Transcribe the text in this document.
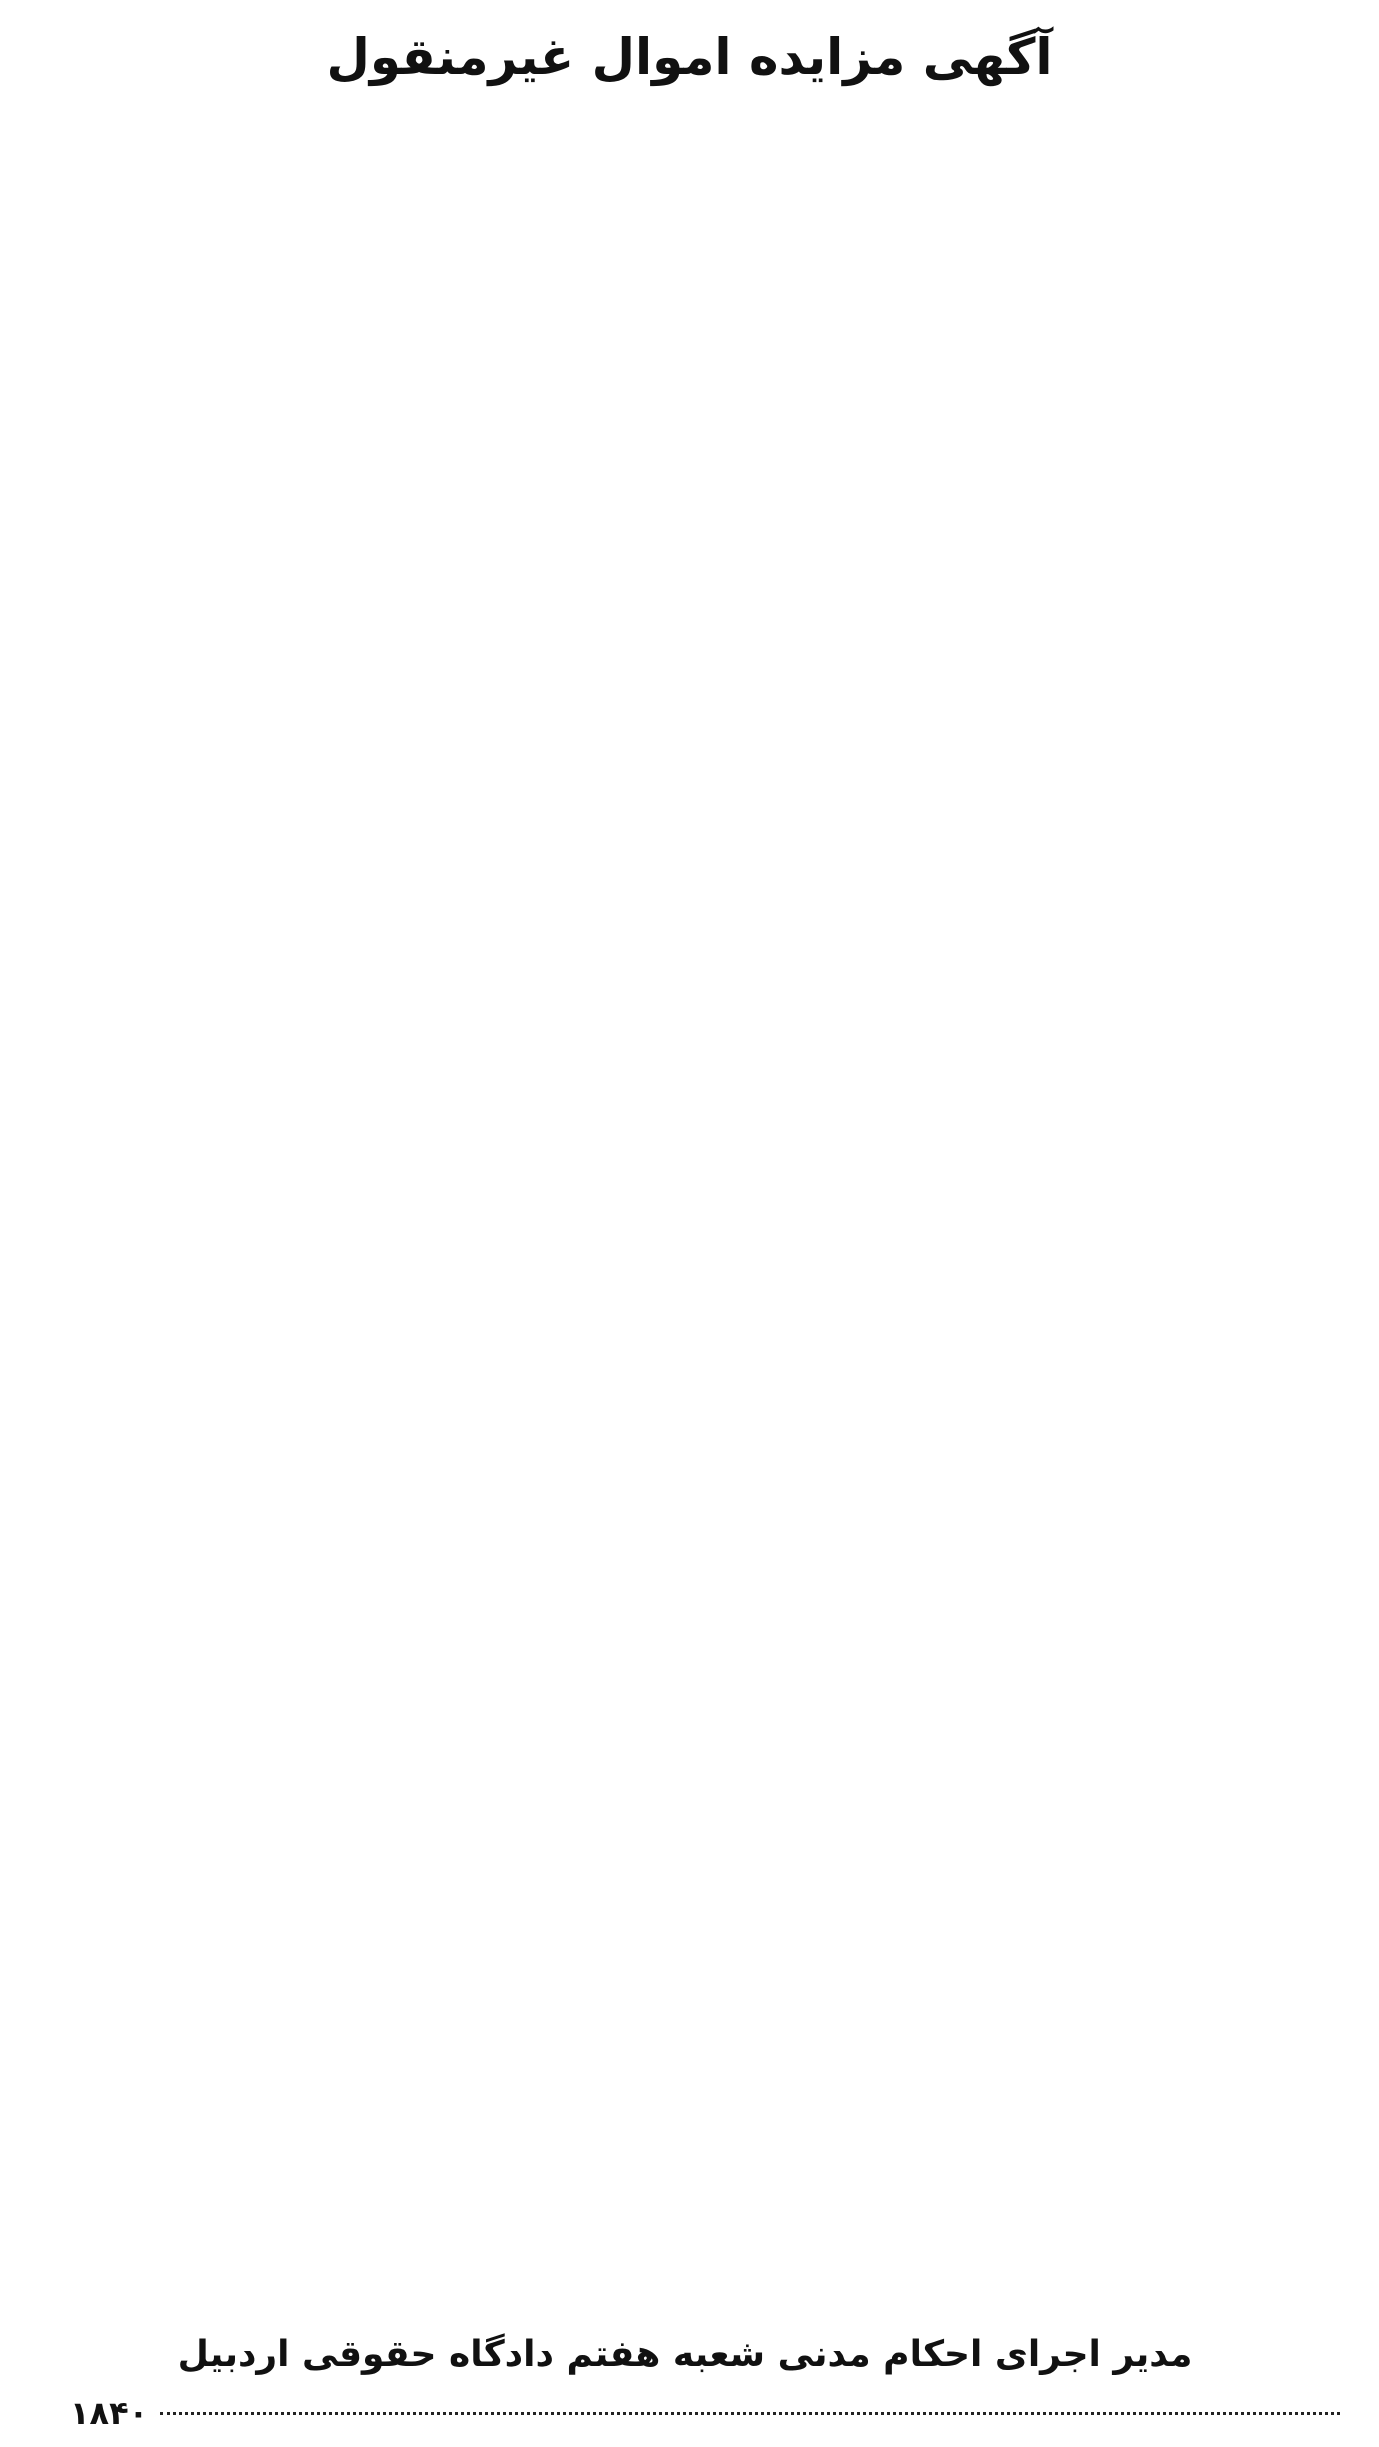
آگهی مزایده اموال غیرمنقول
مدیر اجرای احکام مدنی شعبه هفتم دادگاه حقوقی اردبیل
۱۸۴۰
